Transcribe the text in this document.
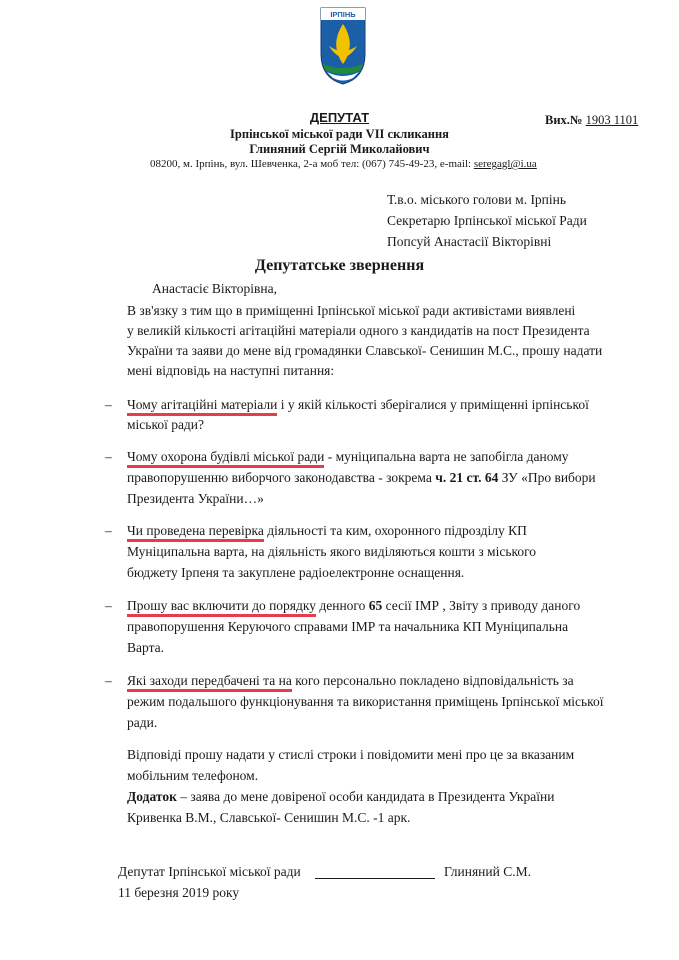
ІРПІНЬ
ДЕПУТАТ
Ірпінської міської ради VII скликання
Глиняний Сергій Миколайович
Вих.№ 1903 1101
08200, м. Ірпінь, вул. Шевченка, 2-а моб тел: (067) 745-49-23, e-mail: seregagl@i.ua
Т.в.о. міського голови м. Ірпінь
Секретарю Ірпінської міської Ради
Попсуй Анастасії Вікторівні
Депутатське звернення
Анастасіє Вікторівна,
В зв'язку з тим що в приміщенні Ірпінської міської ради активістами виявлені
у великій кількості агітаційні матеріали одного з кандидатів на пост Президента
України та заяви до мене від громадянки Славської- Сенишин М.С., прошу надати
мені відповідь на наступні питання:
– Чому агітаційні матеріали і у якій кількості зберігалися у приміщенні ірпінської
міської ради?
– Чому охорона будівлі міської ради - муніципальна варта не запобігла даному
правопорушенню виборчого законодавства - зокрема ч. 21 ст. 64 ЗУ «Про вибори
Президента України…»
– Чи проведена перевірка діяльності та ким, охоронного підрозділу КП
Муніципальна варта, на діяльність якого виділяються кошти з міського
бюджету Ірпеня та закуплене радіоелектронне оснащення.
– Прошу вас включити до порядку денного 65 сесії ІМР , Звіту з приводу даного
правопорушення Керуючого справами ІМР та начальника КП Муніципальна
Варта.
– Які заходи передбачені та на кого персонально покладено відповідальність за
режим подальшого функціонування та використання приміщень Ірпінської міської
ради.
Відповіді прошу надати у стислі строки і повідомити мені про це за вказаним
мобільним телефоном.
Додаток – заява до мене довіреної особи кандидата в Президента України
Кривенка В.М., Славської- Сенишин М.С. -1 арк.
Депутат Ірпінської міської ради	Глиняний С.М.
11 березня 2019 року
